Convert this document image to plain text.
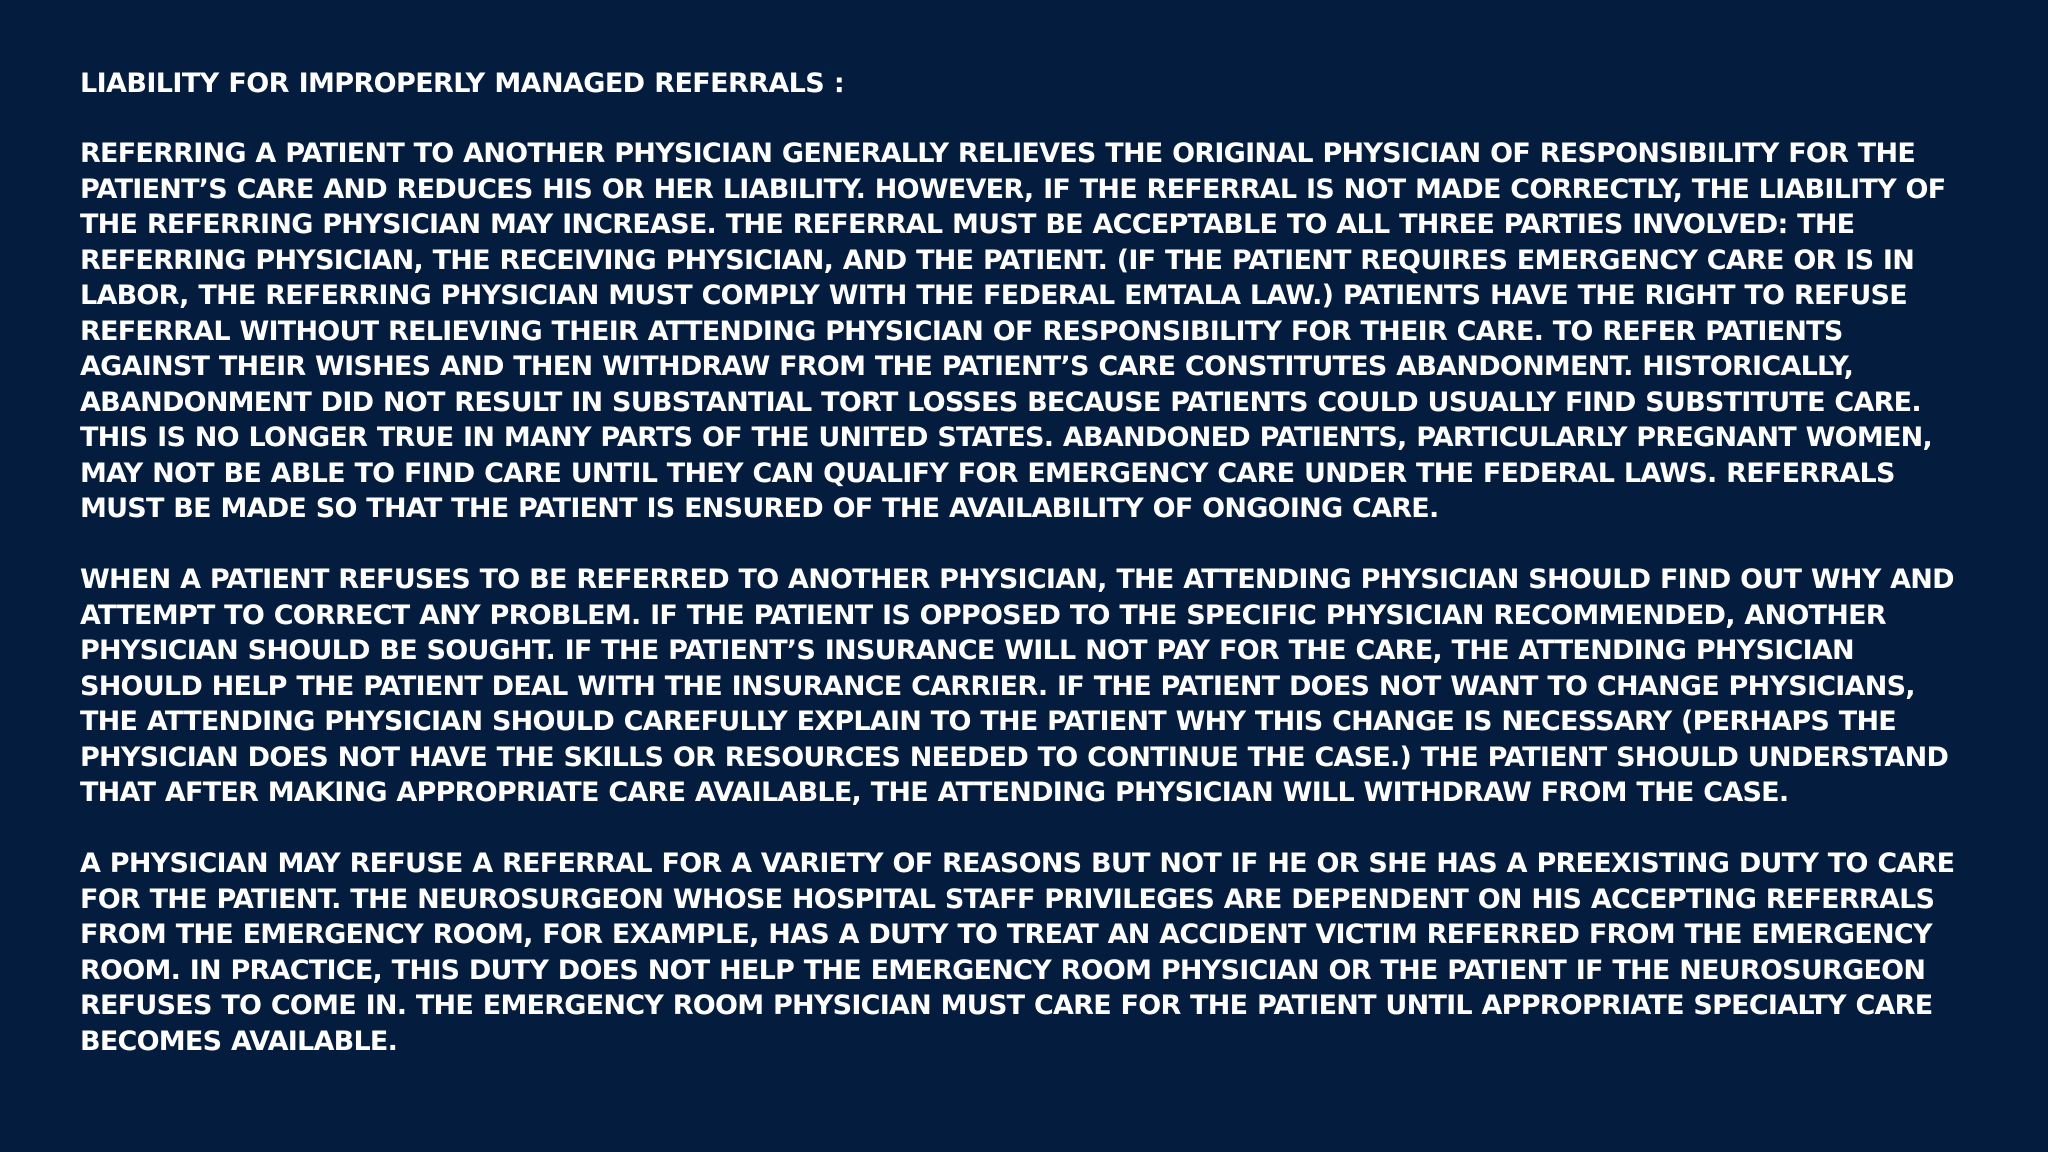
LIABILITY FOR IMPROPERLY MANAGED REFERRALS :
REFERRING A PATIENT TO ANOTHER PHYSICIAN GENERALLY RELIEVES THE ORIGINAL PHYSICIAN OF RESPONSIBILITY FOR THE
PATIENT’S CARE AND REDUCES HIS OR HER LIABILITY. HOWEVER, IF THE REFERRAL IS NOT MADE CORRECTLY, THE LIABILITY OF
THE REFERRING PHYSICIAN MAY INCREASE. THE REFERRAL MUST BE ACCEPTABLE TO ALL THREE PARTIES INVOLVED: THE
REFERRING PHYSICIAN, THE RECEIVING PHYSICIAN, AND THE PATIENT. (IF THE PATIENT REQUIRES EMERGENCY CARE OR IS IN
LABOR, THE REFERRING PHYSICIAN MUST COMPLY WITH THE FEDERAL EMTALA LAW.) PATIENTS HAVE THE RIGHT TO REFUSE
REFERRAL WITHOUT RELIEVING THEIR ATTENDING PHYSICIAN OF RESPONSIBILITY FOR THEIR CARE. TO REFER PATIENTS
AGAINST THEIR WISHES AND THEN WITHDRAW FROM THE PATIENT’S CARE CONSTITUTES ABANDONMENT. HISTORICALLY,
ABANDONMENT DID NOT RESULT IN SUBSTANTIAL TORT LOSSES BECAUSE PATIENTS COULD USUALLY FIND SUBSTITUTE CARE.
THIS IS NO LONGER TRUE IN MANY PARTS OF THE UNITED STATES. ABANDONED PATIENTS, PARTICULARLY PREGNANT WOMEN,
MAY NOT BE ABLE TO FIND CARE UNTIL THEY CAN QUALIFY FOR EMERGENCY CARE UNDER THE FEDERAL LAWS. REFERRALS
MUST BE MADE SO THAT THE PATIENT IS ENSURED OF THE AVAILABILITY OF ONGOING CARE.
WHEN A PATIENT REFUSES TO BE REFERRED TO ANOTHER PHYSICIAN, THE ATTENDING PHYSICIAN SHOULD FIND OUT WHY AND
ATTEMPT TO CORRECT ANY PROBLEM. IF THE PATIENT IS OPPOSED TO THE SPECIFIC PHYSICIAN RECOMMENDED, ANOTHER
PHYSICIAN SHOULD BE SOUGHT. IF THE PATIENT’S INSURANCE WILL NOT PAY FOR THE CARE, THE ATTENDING PHYSICIAN
SHOULD HELP THE PATIENT DEAL WITH THE INSURANCE CARRIER. IF THE PATIENT DOES NOT WANT TO CHANGE PHYSICIANS,
THE ATTENDING PHYSICIAN SHOULD CAREFULLY EXPLAIN TO THE PATIENT WHY THIS CHANGE IS NECESSARY (PERHAPS THE
PHYSICIAN DOES NOT HAVE THE SKILLS OR RESOURCES NEEDED TO CONTINUE THE CASE.) THE PATIENT SHOULD UNDERSTAND
THAT AFTER MAKING APPROPRIATE CARE AVAILABLE, THE ATTENDING PHYSICIAN WILL WITHDRAW FROM THE CASE.
A PHYSICIAN MAY REFUSE A REFERRAL FOR A VARIETY OF REASONS BUT NOT IF HE OR SHE HAS A PREEXISTING DUTY TO CARE
FOR THE PATIENT. THE NEUROSURGEON WHOSE HOSPITAL STAFF PRIVILEGES ARE DEPENDENT ON HIS ACCEPTING REFERRALS
FROM THE EMERGENCY ROOM, FOR EXAMPLE, HAS A DUTY TO TREAT AN ACCIDENT VICTIM REFERRED FROM THE EMERGENCY
ROOM. IN PRACTICE, THIS DUTY DOES NOT HELP THE EMERGENCY ROOM PHYSICIAN OR THE PATIENT IF THE NEUROSURGEON
REFUSES TO COME IN. THE EMERGENCY ROOM PHYSICIAN MUST CARE FOR THE PATIENT UNTIL APPROPRIATE SPECIALTY CARE
BECOMES AVAILABLE.
